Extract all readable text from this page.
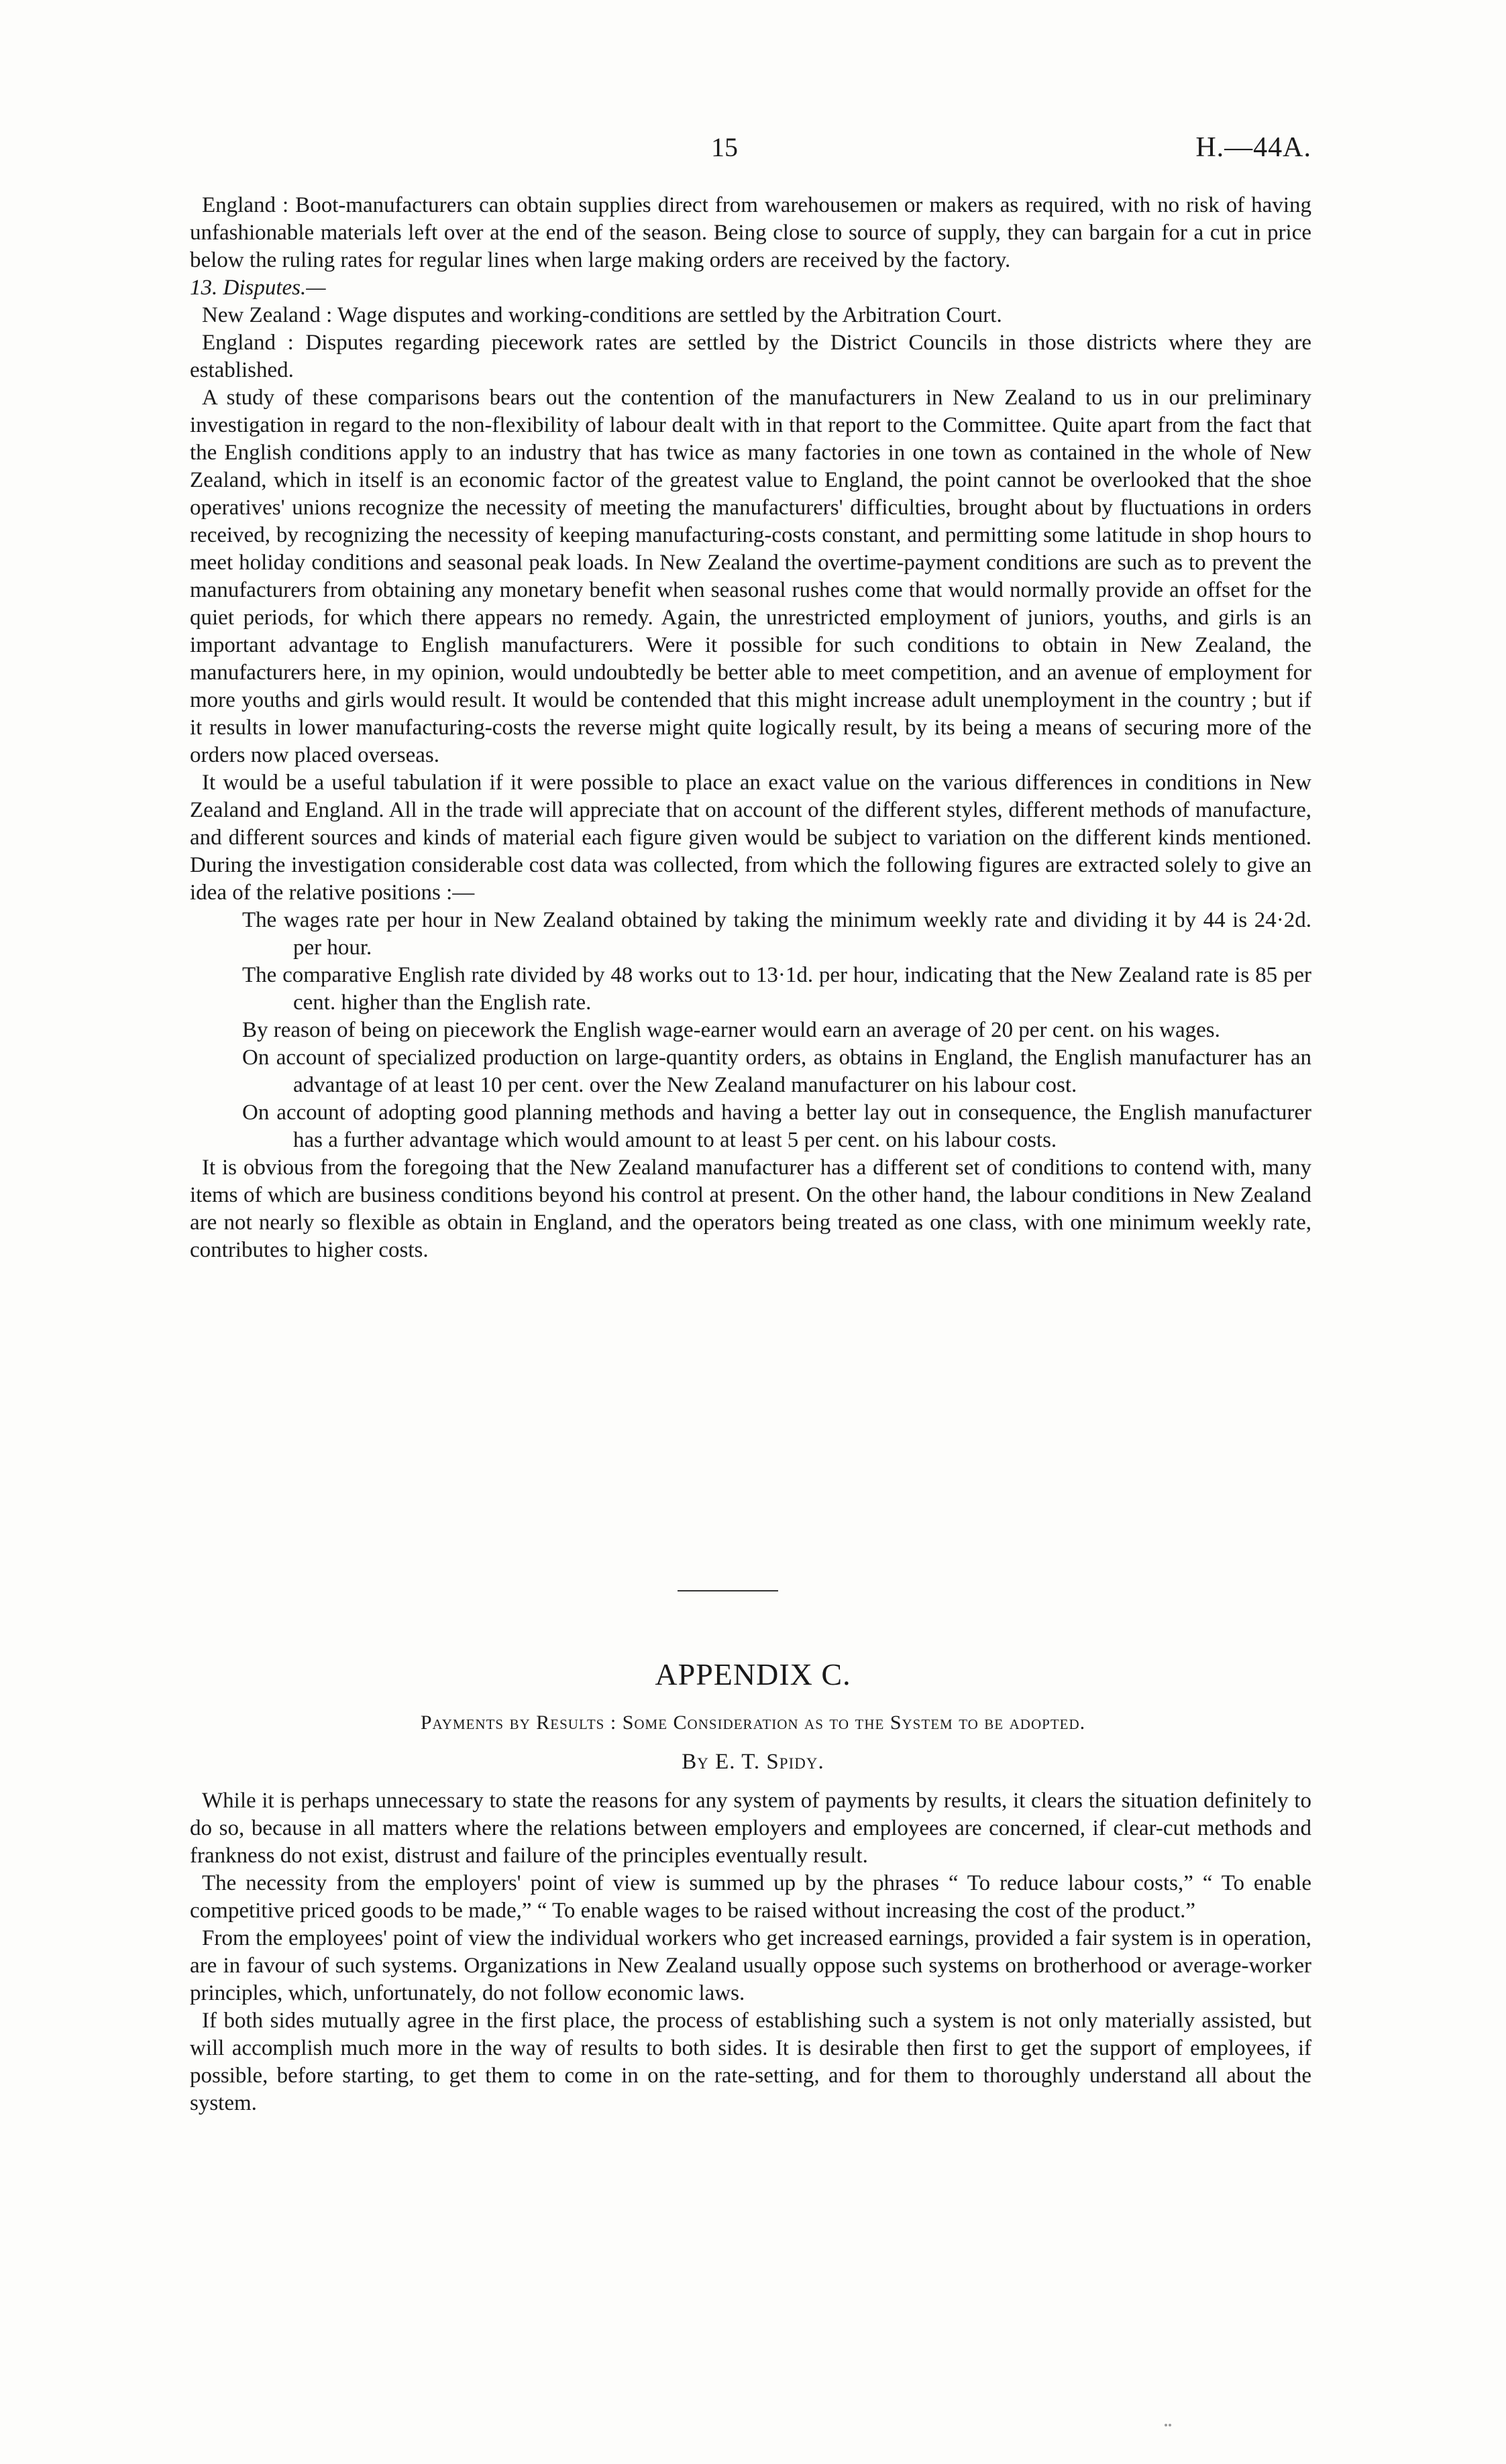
15	H.—44A.

England : Boot-manufacturers can obtain supplies direct from warehousemen or makers as required, with no risk of having unfashionable materials left over at the end of the season. Being close to source of supply, they can bargain for a cut in price below the ruling rates for regular lines when large making orders are received by the factory.

13. Disputes.—

New Zealand : Wage disputes and working-conditions are settled by the Arbitration Court.

England : Disputes regarding piecework rates are settled by the District Councils in those districts where they are established.

A study of these comparisons bears out the contention of the manufacturers in New Zealand to us in our preliminary investigation in regard to the non-flexibility of labour dealt with in that report to the Committee. Quite apart from the fact that the English conditions apply to an industry that has twice as many factories in one town as contained in the whole of New Zealand, which in itself is an economic factor of the greatest value to England, the point cannot be overlooked that the shoe operatives' unions recognize the necessity of meeting the manufacturers' difficulties, brought about by fluctuations in orders received, by recognizing the necessity of keeping manufacturing-costs constant, and permitting some latitude in shop hours to meet holiday conditions and seasonal peak loads. In New Zealand the overtime-payment conditions are such as to prevent the manufacturers from obtaining any monetary benefit when seasonal rushes come that would normally provide an offset for the quiet periods, for which there appears no remedy. Again, the unrestricted employment of juniors, youths, and girls is an important advantage to English manufacturers. Were it possible for such conditions to obtain in New Zealand, the manufacturers here, in my opinion, would undoubtedly be better able to meet competition, and an avenue of employment for more youths and girls would result. It would be contended that this might increase adult unemployment in the country ; but if it results in lower manufacturing-costs the reverse might quite logically result, by its being a means of securing more of the orders now placed overseas.

It would be a useful tabulation if it were possible to place an exact value on the various differences in conditions in New Zealand and England. All in the trade will appreciate that on account of the different styles, different methods of manufacture, and different sources and kinds of material each figure given would be subject to variation on the different kinds mentioned. During the investigation considerable cost data was collected, from which the following figures are extracted solely to give an idea of the relative positions :—

The wages rate per hour in New Zealand obtained by taking the minimum weekly rate and dividing it by 44 is 24·2d. per hour.

The comparative English rate divided by 48 works out to 13·1d. per hour, indicating that the New Zealand rate is 85 per cent. higher than the English rate.

By reason of being on piecework the English wage-earner would earn an average of 20 per cent. on his wages.

On account of specialized production on large-quantity orders, as obtains in England, the English manufacturer has an advantage of at least 10 per cent. over the New Zealand manufacturer on his labour cost.

On account of adopting good planning methods and having a better lay out in consequence, the English manufacturer has a further advantage which would amount to at least 5 per cent. on his labour costs.

It is obvious from the foregoing that the New Zealand manufacturer has a different set of conditions to contend with, many items of which are business conditions beyond his control at present. On the other hand, the labour conditions in New Zealand are not nearly so flexible as obtain in England, and the operators being treated as one class, with one minimum weekly rate, contributes to higher costs.

APPENDIX C.
Payments by Results : Some Consideration as to the System to be adopted.
By E. T. Spidy.

While it is perhaps unnecessary to state the reasons for any system of payments by results, it clears the situation definitely to do so, because in all matters where the relations between employers and employees are concerned, if clear-cut methods and frankness do not exist, distrust and failure of the principles eventually result.

The necessity from the employers' point of view is summed up by the phrases “ To reduce labour costs,” “ To enable competitive priced goods to be made,” “ To enable wages to be raised without increasing the cost of the product.”

From the employees' point of view the individual workers who get increased earnings, provided a fair system is in operation, are in favour of such systems. Organizations in New Zealand usually oppose such systems on brotherhood or average-worker principles, which, unfortunately, do not follow economic laws.

If both sides mutually agree in the first place, the process of establishing such a system is not only materially assisted, but will accomplish much more in the way of results to both sides. It is desirable then first to get the support of employees, if possible, before starting, to get them to come in on the rate-setting, and for them to thoroughly understand all about the system.
